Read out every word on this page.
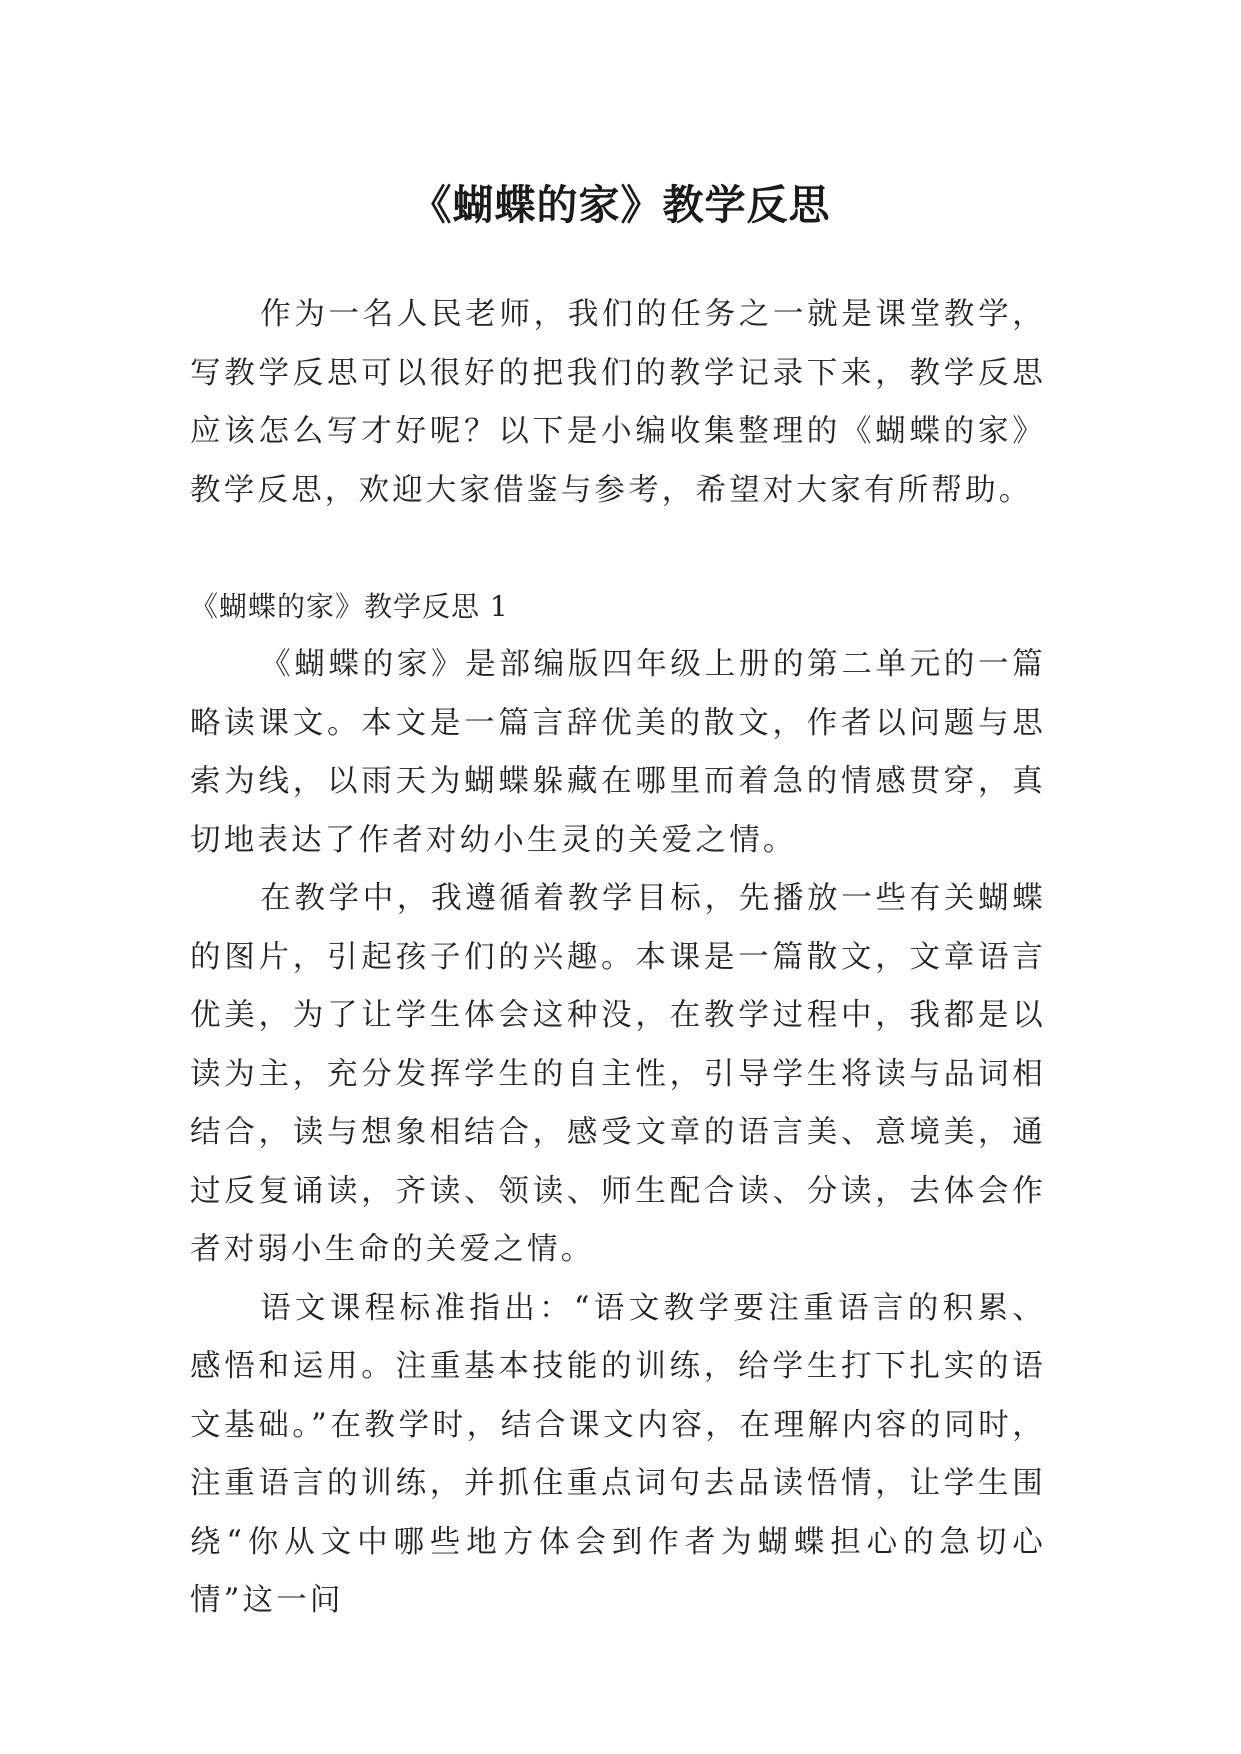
《蝴蝶的家》教学反思

作为一名人民老师，我们的任务之一就是课堂教学，写教学反思可以很好的把我们的教学记录下来，教学反思应该怎么写才好呢？以下是小编收集整理的《蝴蝶的家》教学反思，欢迎大家借鉴与参考，希望对大家有所帮助。

《蝴蝶的家》教学反思 1

《蝴蝶的家》是部编版四年级上册的第二单元的一篇略读课文。本文是一篇言辞优美的散文，作者以问题与思索为线，以雨天为蝴蝶躲藏在哪里而着急的情感贯穿，真切地表达了作者对幼小生灵的关爱之情。

在教学中，我遵循着教学目标，先播放一些有关蝴蝶的图片，引起孩子们的兴趣。本课是一篇散文，文章语言优美，为了让学生体会这种没，在教学过程中，我都是以读为主，充分发挥学生的自主性，引导学生将读与品词相结合，读与想象相结合，感受文章的语言美、意境美，通过反复诵读，齐读、领读、师生配合读、分读，去体会作者对弱小生命的关爱之情。

语文课程标准指出：“语文教学要注重语言的积累、感悟和运用。注重基本技能的训练，给学生打下扎实的语文基础。”在教学时，结合课文内容，在理解内容的同时，注重语言的训练，并抓住重点词句去品读悟情，让学生围绕“你从文中哪些地方体会到作者为蝴蝶担心的急切心情”这一问
